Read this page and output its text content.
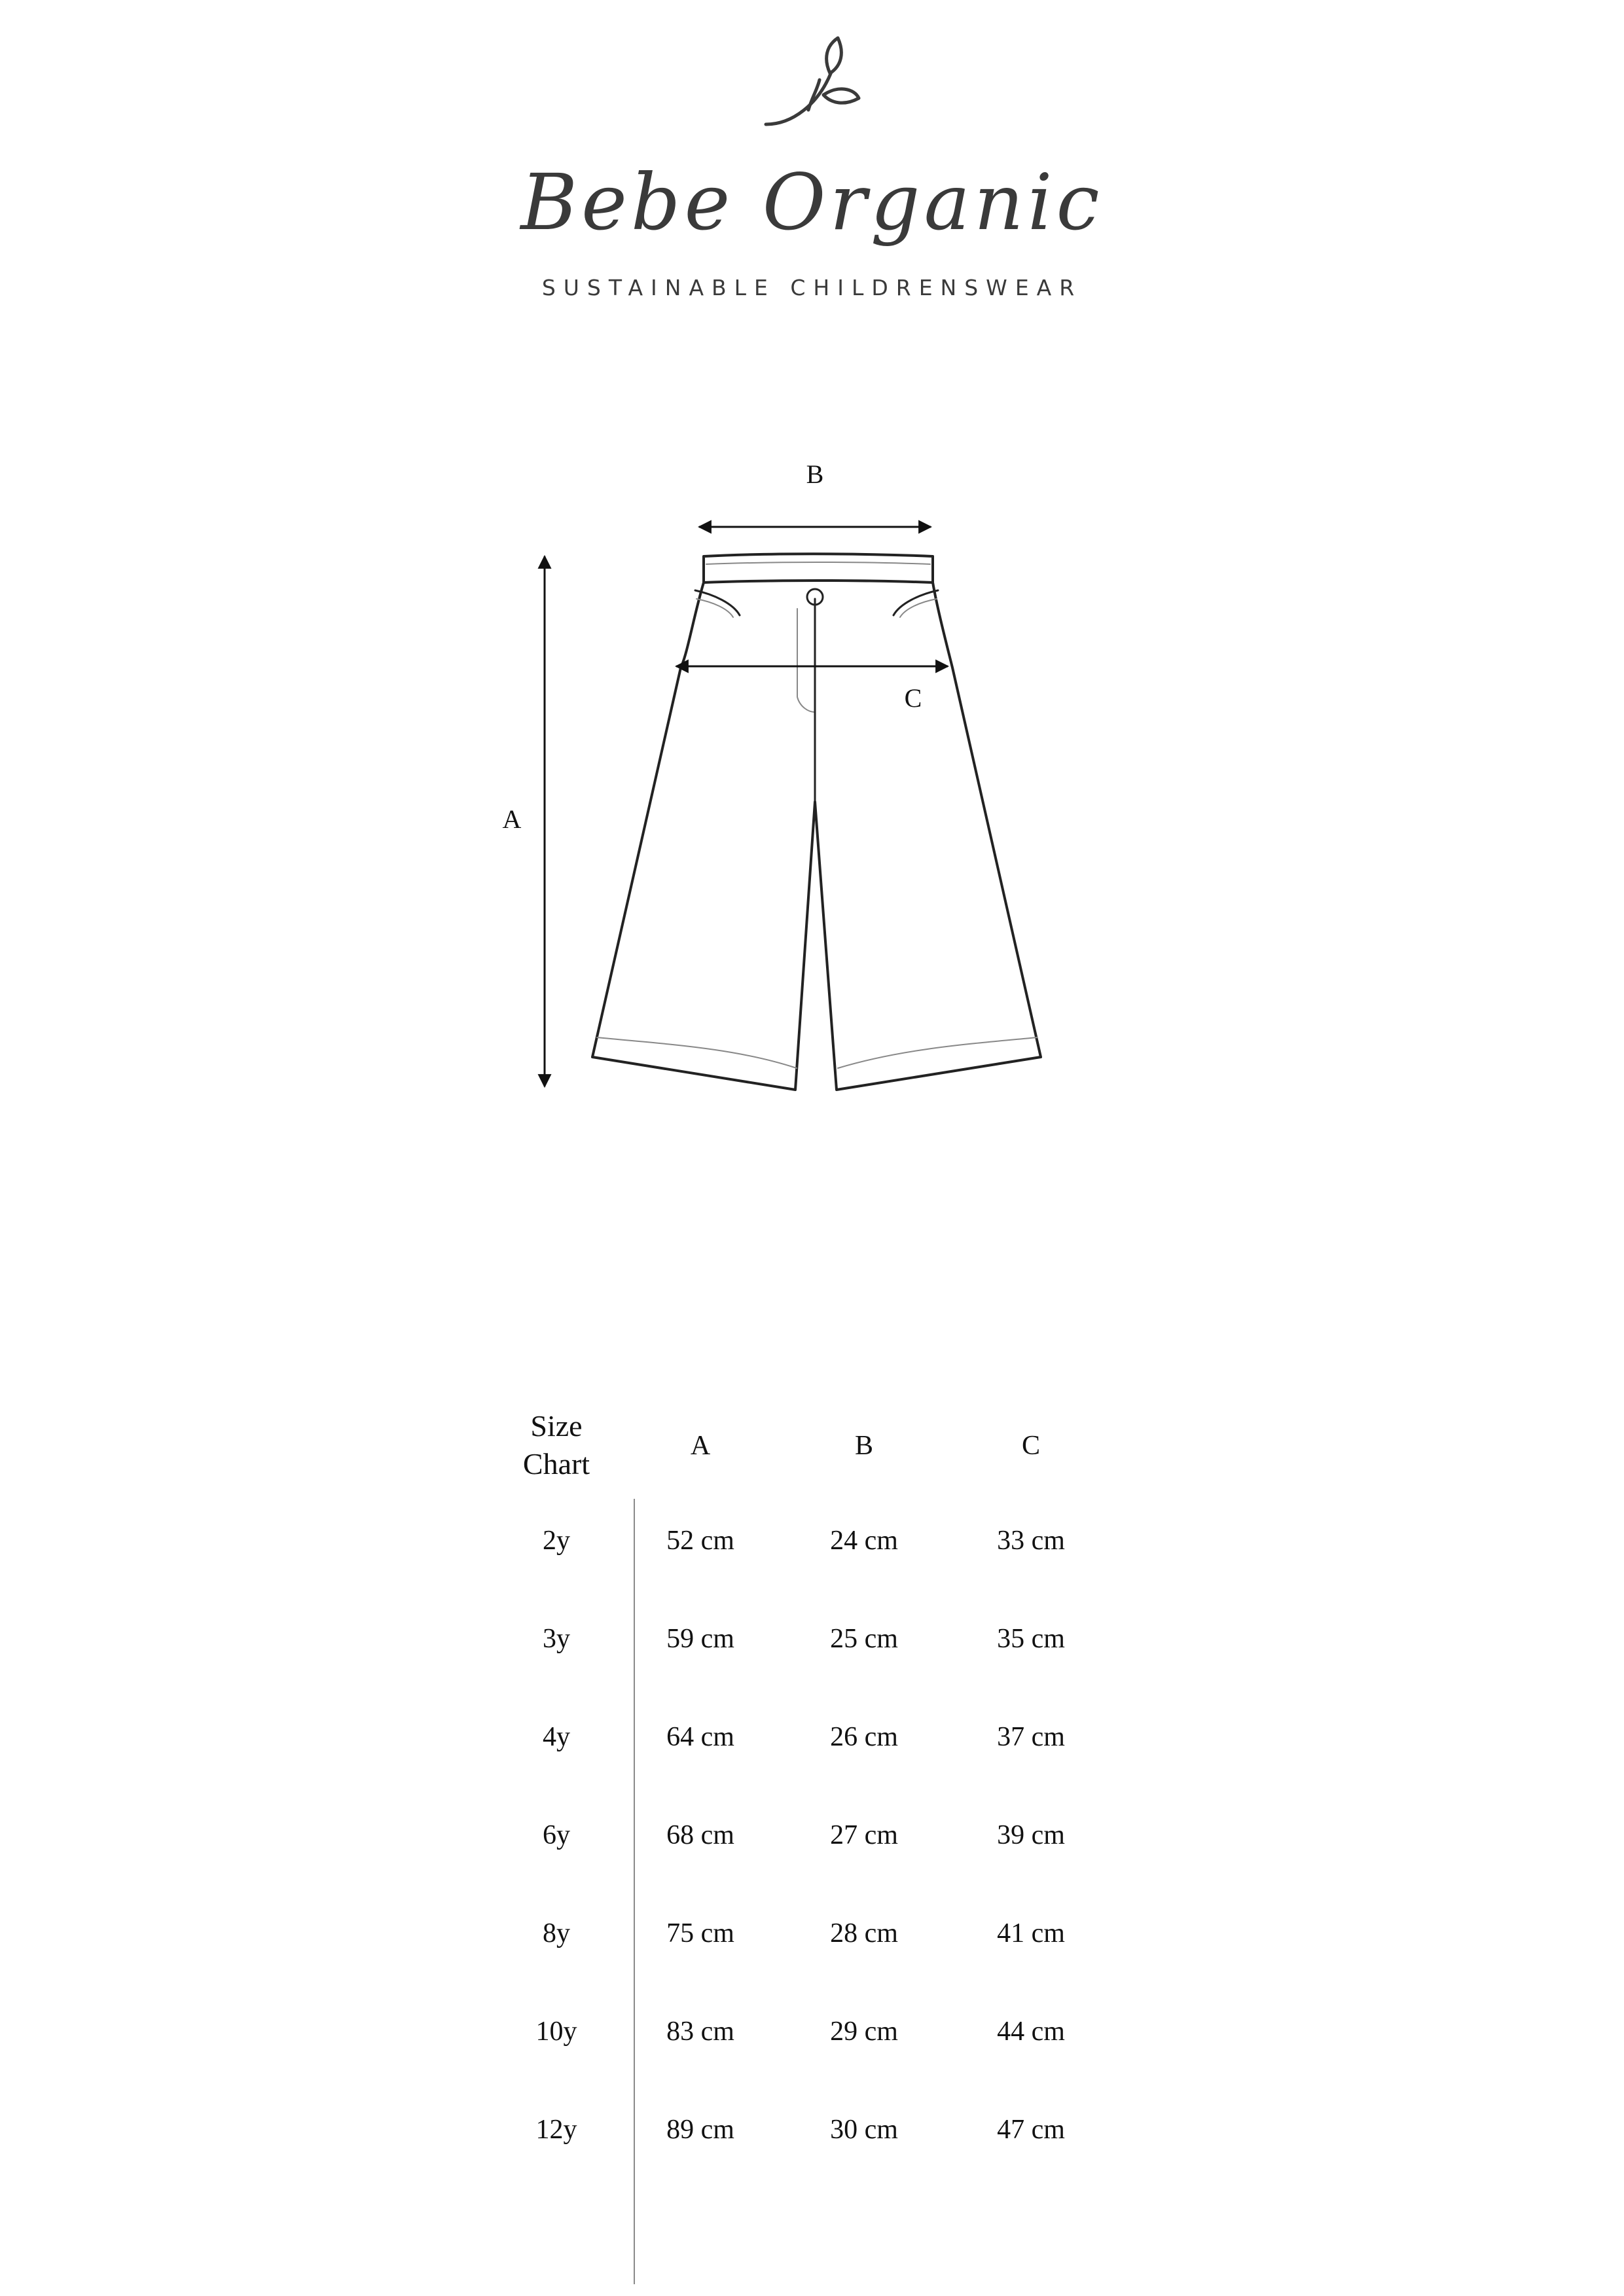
Bebe Organic
SUSTAINABLE CHILDRENSWEAR
A
B
C
Size
Chart
A	B	C
2y	52 cm	24 cm	33 cm
3y	59 cm	25 cm	35 cm
4y	64 cm	26 cm	37 cm
6y	68 cm	27 cm	39 cm
8y	75 cm	28 cm	41 cm
10y	83 cm	29 cm	44 cm
12y	89 cm	30 cm	47 cm
